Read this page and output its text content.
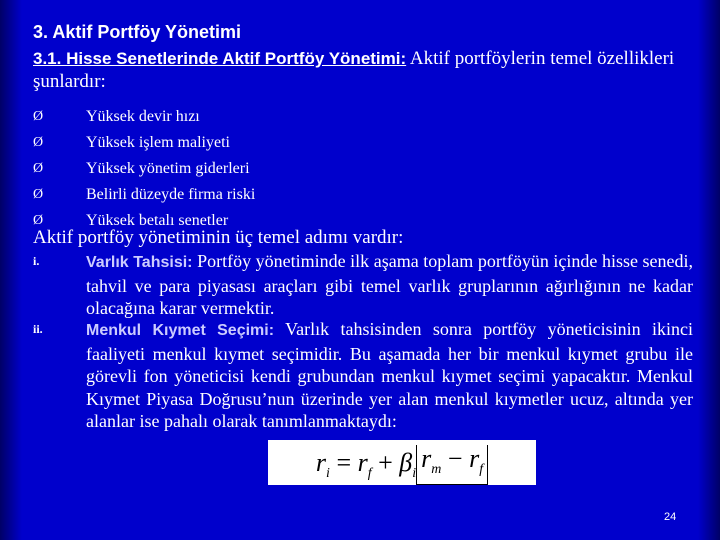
3. Aktif Portföy Yönetimi
3.1. Hisse Senetlerinde Aktif Portföy Yönetimi: Aktif portföylerin temel özellikleri şunlardır:
Ø	Yüksek devir hızı
Ø	Yüksek işlem maliyeti
Ø	Yüksek yönetim giderleri
Ø	Belirli düzeyde firma riski
Ø	Yüksek betalı senetler
Aktif portföy yönetiminin üç temel adımı vardır:
i.	Varlık Tahsisi: Portföy yönetiminde ilk aşama toplam portföyün içinde hisse senedi, tahvil ve para piyasası araçları gibi temel varlık gruplarının ağırlığının ne kadar olacağına karar vermektir.
ii.	Menkul Kıymet Seçimi: Varlık tahsisinden sonra portföy yöneticisinin ikinci faaliyeti menkul kıymet seçimidir. Bu aşamada her bir menkul kıymet grubu ile görevli fon yöneticisi kendi grubundan menkul kıymet seçimi yapacaktır. Menkul Kıymet Piyasa Doğrusu’nun üzerinde yer alan menkul kıymetler ucuz, altında yer alanlar ise pahalı olarak tanımlanmaktaydı:
$r_i = r_f + \beta_ir_m - r_f$
24
